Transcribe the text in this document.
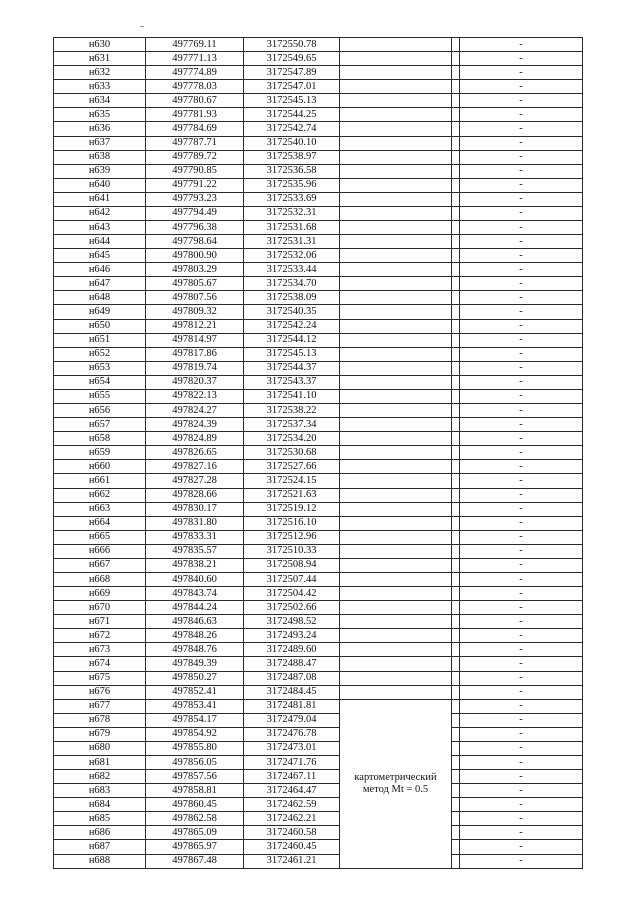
н630	497769.11	3172550.78			-
н631	497771.13	3172549.65			-
н632	497774.89	3172547.89			-
н633	497778.03	3172547.01			-
н634	497780.67	3172545.13			-
н635	497781.93	3172544.25			-
н636	497784.69	3172542.74			-
н637	497787.71	3172540.10			-
н638	497789.72	3172538.97			-
н639	497790.85	3172536.58			-
н640	497791.22	3172535.96			-
н641	497793.23	3172533.69			-
н642	497794.49	3172532.31			-
н643	497796.38	3172531.68			-
н644	497798.64	3172531.31			-
н645	497800.90	3172532.06			-
н646	497803.29	3172533.44			-
н647	497805.67	3172534.70			-
н648	497807.56	3172538.09			-
н649	497809.32	3172540.35			-
н650	497812.21	3172542.24			-
н651	497814.97	3172544.12			-
н652	497817.86	3172545.13			-
н653	497819.74	3172544.37			-
н654	497820.37	3172543.37			-
н655	497822.13	3172541.10			-
н656	497824.27	3172538.22			-
н657	497824.39	3172537.34			-
н658	497824.89	3172534.20			-
н659	497826.65	3172530.68			-
н660	497827.16	3172527.66			-
н661	497827.28	3172524.15			-
н662	497828.66	3172521.63			-
н663	497830.17	3172519.12			-
н664	497831.80	3172516.10			-
н665	497833.31	3172512.96			-
н666	497835.57	3172510.33			-
н667	497838.21	3172508.94			-
н668	497840.60	3172507.44			-
н669	497843.74	3172504.42			-
н670	497844.24	3172502.66			-
н671	497846.63	3172498.52			-
н672	497848.26	3172493.24			-
н673	497848.76	3172489.60			-
н674	497849.39	3172488.47			-
н675	497850.27	3172487.08			-
н676	497852.41	3172484.45			-
н677	497853.41	3172481.81	картометрический
метод Mt = 0.5		-
н678	497854.17	3172479.04			-
н679	497854.92	3172476.78			-
н680	497855.80	3172473.01			-
н681	497856.05	3172471.76			-
н682	497857.56	3172467.11			-
н683	497858.81	3172464.47			-
н684	497860.45	3172462.59			-
н685	497862.58	3172462.21			-
н686	497865.09	3172460.58			-
н687	497865.97	3172460.45			-
н688	497867.48	3172461.21			-
